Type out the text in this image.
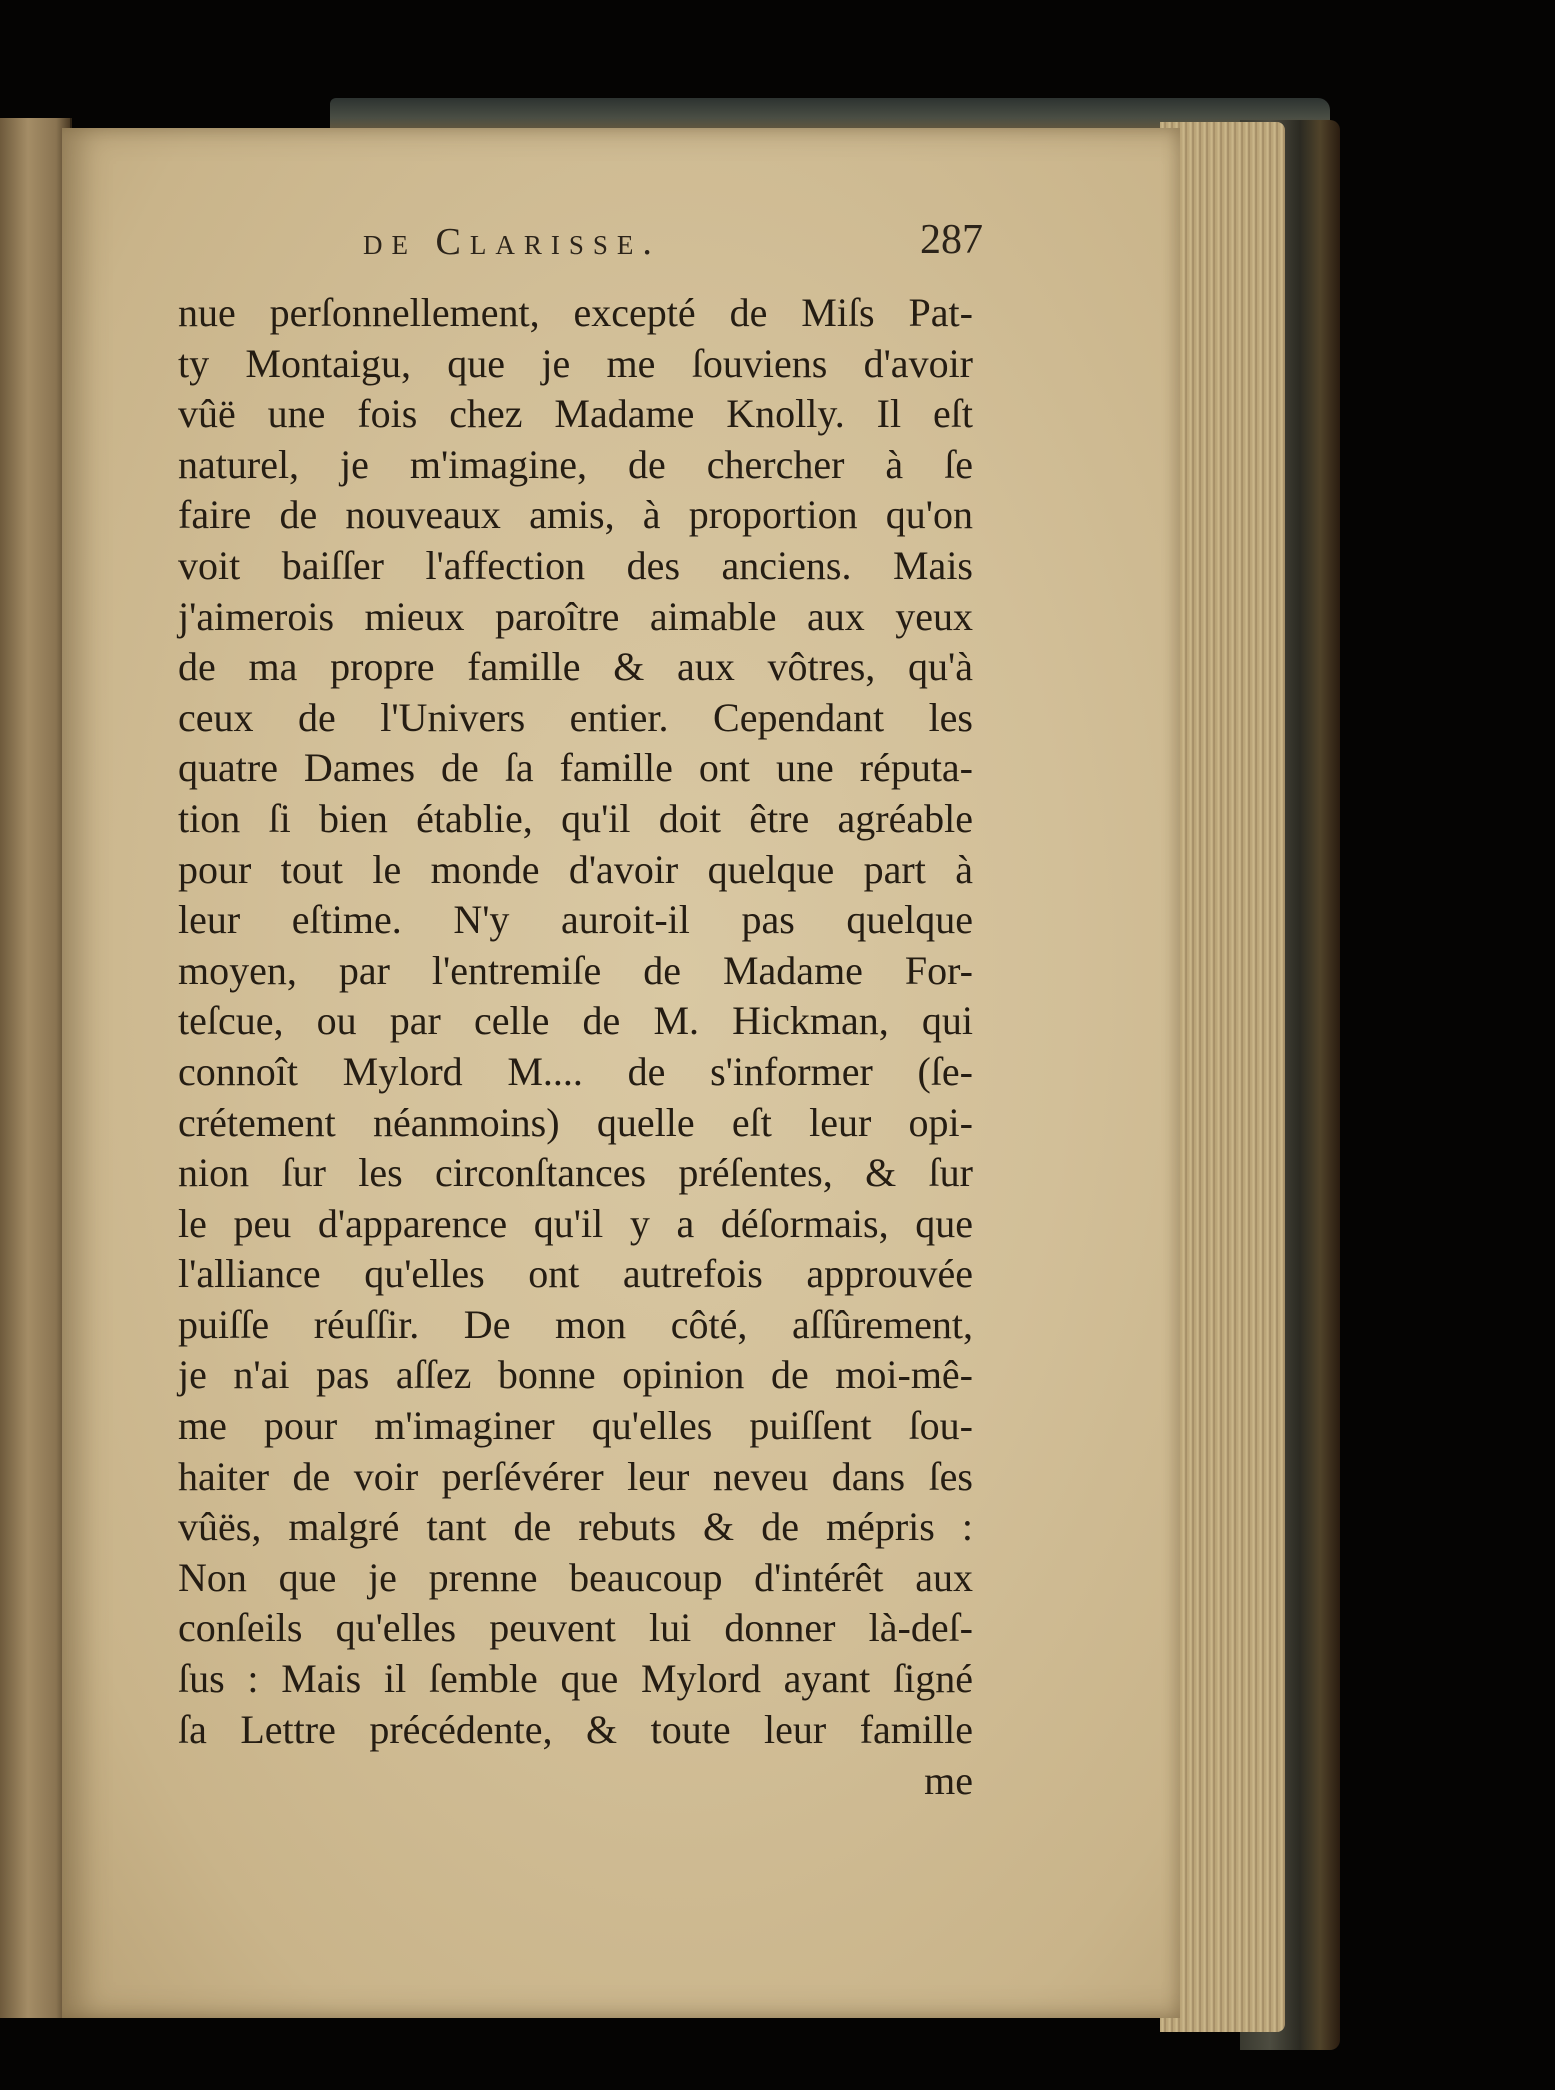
de Clarisse.	287
nue perſonnellement, excepté de Miſs Pat-
ty Montaigu, que je me ſouviens d'avoir
vûë une fois chez Madame Knolly. Il eſt
naturel, je m'imagine, de chercher à ſe
faire de nouveaux amis, à proportion qu'on
voit baiſſer l'affection des anciens. Mais
j'aimerois mieux paroître aimable aux yeux
de ma propre famille & aux vôtres, qu'à
ceux de l'Univers entier. Cependant les
quatre Dames de ſa famille ont une réputa-
tion ſi bien établie, qu'il doit être agréable
pour tout le monde d'avoir quelque part à
leur eſtime. N'y auroit-il pas quelque
moyen, par l'entremiſe de Madame For-
teſcue, ou par celle de M. Hickman, qui
connoît Mylord M.... de s'informer (ſe-
crétement néanmoins) quelle eſt leur opi-
nion ſur les circonſtances préſentes, & ſur
le peu d'apparence qu'il y a déſormais, que
l'alliance qu'elles ont autrefois approuvée
puiſſe réuſſir. De mon côté, aſſûrement,
je n'ai pas aſſez bonne opinion de moi-mê-
me pour m'imaginer qu'elles puiſſent ſou-
haiter de voir perſévérer leur neveu dans ſes
vûës, malgré tant de rebuts & de mépris :
Non que je prenne beaucoup d'intérêt aux
conſeils qu'elles peuvent lui donner là-deſ-
ſus : Mais il ſemble que Mylord ayant ſigné
ſa Lettre précédente, & toute leur famille
me
